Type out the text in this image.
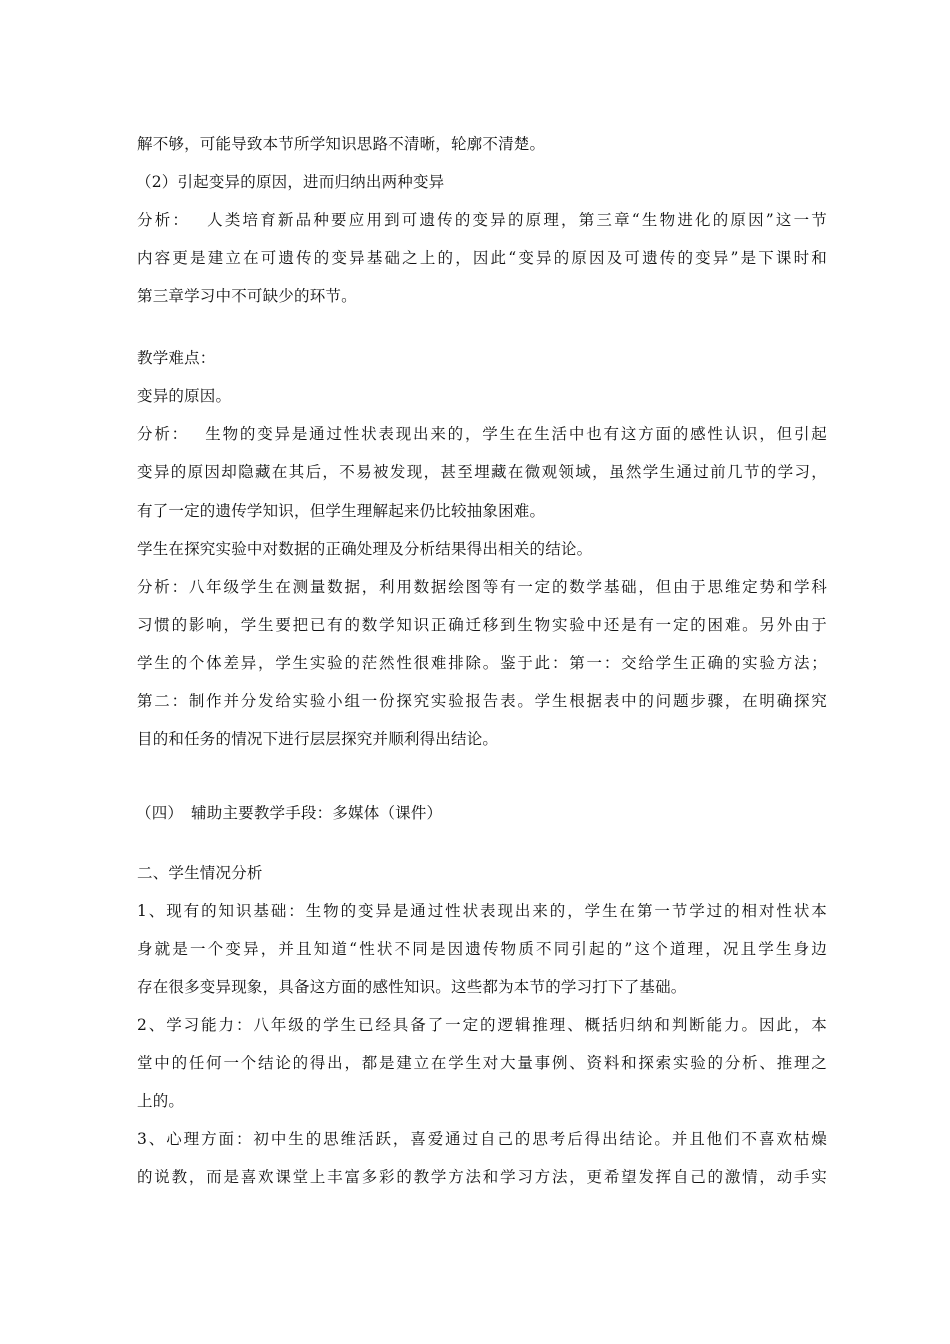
解不够，可能导致本节所学知识思路不清晰，轮廓不清楚。
（2）引起变异的原因，进而归纳出两种变异
分析：　 人类培育新品种要应用到可遗传的变异的原理，第三章“生物进化的原因”这一节
内容更是建立在可遗传的变异基础之上的，因此“变异的原因及可遗传的变异”是下课时和
第三章学习中不可缺少的环节。
教学难点：
变异的原因。
分析：　 生物的变异是通过性状表现出来的，学生在生活中也有这方面的感性认识，但引起
变异的原因却隐藏在其后，不易被发现，甚至埋藏在微观领域，虽然学生通过前几节的学习，
有了一定的遗传学知识，但学生理解起来仍比较抽象困难。
学生在探究实验中对数据的正确处理及分析结果得出相关的结论。
分析：八年级学生在测量数据，利用数据绘图等有一定的数学基础，但由于思维定势和学科
习惯的影响，学生要把已有的数学知识正确迁移到生物实验中还是有一定的困难。另外由于
学生的个体差异，学生实验的茫然性很难排除。鉴于此：第一：交给学生正确的实验方法；
第二：制作并分发给实验小组一份探究实验报告表。学生根据表中的问题步骤，在明确探究
目的和任务的情况下进行层层探究并顺利得出结论。
（四）　辅助主要教学手段：多媒体（课件）
二、学生情况分析
1、现有的知识基础：生物的变异是通过性状表现出来的，学生在第一节学过的相对性状本
身就是一个变异，并且知道“性状不同是因遗传物质不同引起的”这个道理，况且学生身边
存在很多变异现象，具备这方面的感性知识。这些都为本节的学习打下了基础。
2、学习能力：八年级的学生已经具备了一定的逻辑推理、概括归纳和判断能力。因此，本
堂中的任何一个结论的得出，都是建立在学生对大量事例、资料和探索实验的分析、推理之
上的。
3、心理方面：初中生的思维活跃，喜爱通过自己的思考后得出结论。并且他们不喜欢枯燥
的说教，而是喜欢课堂上丰富多彩的教学方法和学习方法，更希望发挥自己的激情，动手实
